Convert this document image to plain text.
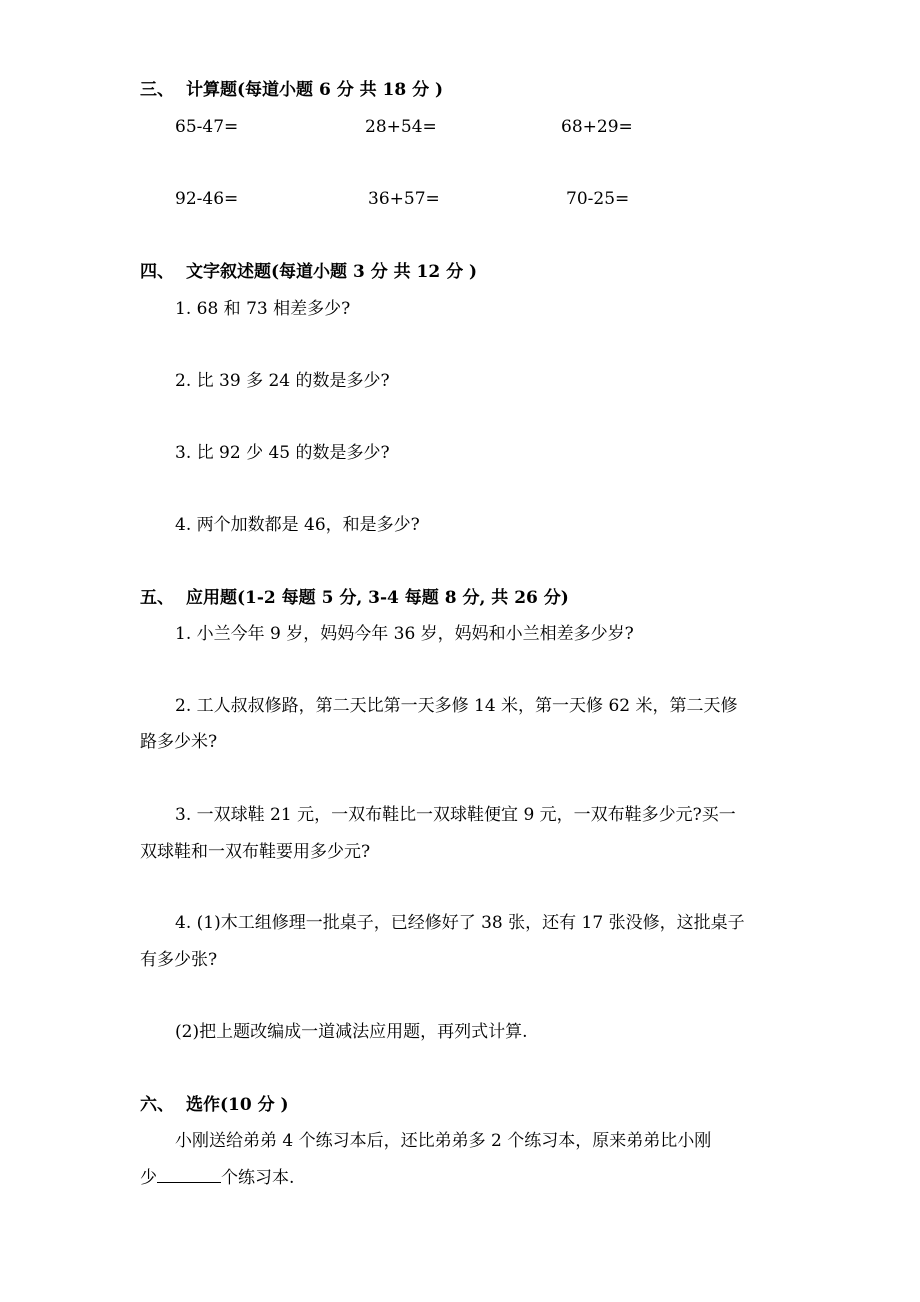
三、 计算题(每道小题 6 分 共 18 分 )
65-47=	28+54=	68+29=
92-46=	36+57=	70-25=
四、 文字叙述题(每道小题 3 分 共 12 分 )
1. 68 和 73 相差多少?
2. 比 39 多 24 的数是多少?
3. 比 92 少 45 的数是多少?
4. 两个加数都是 46，和是多少?
五、 应用题(1-2 每题 5 分, 3-4 每题 8 分, 共 26 分)
1. 小兰今年 9 岁，妈妈今年 36 岁，妈妈和小兰相差多少岁?
2. 工人叔叔修路，第二天比第一天多修 14 米，第一天修 62 米，第二天修
路多少米?
3. 一双球鞋 21 元，一双布鞋比一双球鞋便宜 9 元，一双布鞋多少元?买一
双球鞋和一双布鞋要用多少元?
4. (1)木工组修理一批桌子，已经修好了 38 张，还有 17 张没修，这批桌子
有多少张?
(2)把上题改编成一道减法应用题，再列式计算.
六、 选作(10 分 )
小刚送给弟弟 4 个练习本后，还比弟弟多 2 个练习本，原来弟弟比小刚
少	个练习本.
